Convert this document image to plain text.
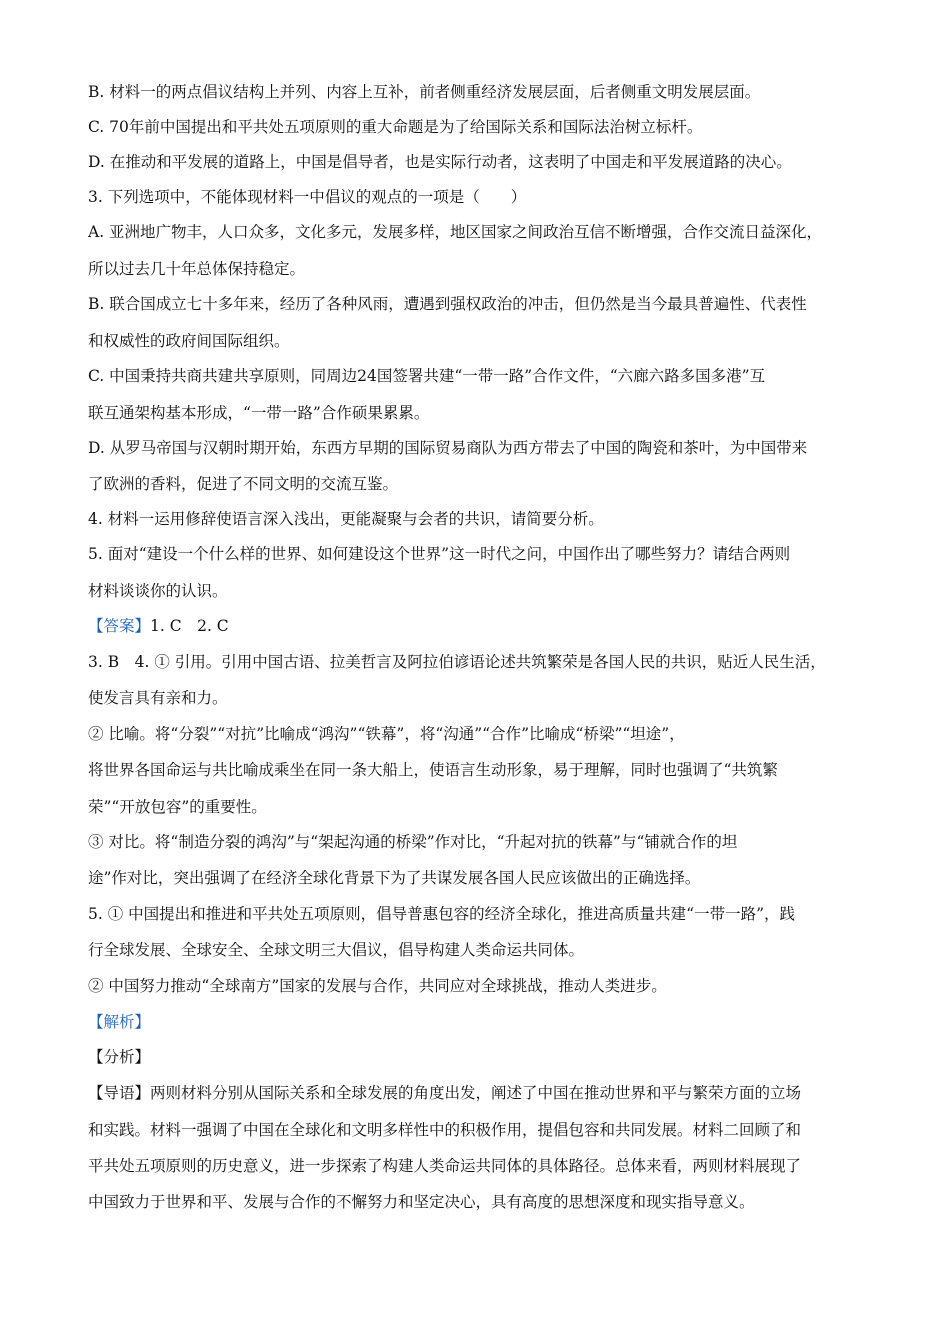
B. 材料一的两点倡议结构上并列、内容上互补，前者侧重经济发展层面，后者侧重文明发展层面。
C. 70年前中国提出和平共处五项原则的重大命题是为了给国际关系和国际法治树立标杆。
D. 在推动和平发展的道路上，中国是倡导者，也是实际行动者，这表明了中国走和平发展道路的决心。
3. 下列选项中，不能体现材料一中倡议的观点的一项是（　　）
A. 亚洲地广物丰，人口众多，文化多元，发展多样，地区国家之间政治互信不断增强，合作交流日益深化，
所以过去几十年总体保持稳定。
B. 联合国成立七十多年来，经历了各种风雨，遭遇到强权政治的冲击，但仍然是当今最具普遍性、代表性
和权威性的政府间国际组织。
C. 中国秉持共商共建共享原则，同周边24国签署共建“一带一路”合作文件，“六廊六路多国多港”互
联互通架构基本形成，“一带一路”合作硕果累累。
D. 从罗马帝国与汉朝时期开始，东西方早期的国际贸易商队为西方带去了中国的陶瓷和茶叶，为中国带来
了欧洲的香料，促进了不同文明的交流互鉴。
4. 材料一运用修辞使语言深入浅出，更能凝聚与会者的共识，请简要分析。
5. 面对“建设一个什么样的世界、如何建设这个世界”这一时代之问，中国作出了哪些努力？请结合两则
材料谈谈你的认识。
【答案】1. C　2. C
3. B　4. ① 引用。引用中国古语、拉美哲言及阿拉伯谚语论述共筑繁荣是各国人民的共识，贴近人民生活，
使发言具有亲和力。
② 比喻。将“分裂”“对抗”比喻成“鸿沟”“铁幕”，将“沟通”“合作”比喻成“桥梁”“坦途”，
将世界各国命运与共比喻成乘坐在同一条大船上，使语言生动形象，易于理解，同时也强调了“共筑繁
荣”“开放包容”的重要性。
③ 对比。将“制造分裂的鸿沟”与“架起沟通的桥梁”作对比，“升起对抗的铁幕”与“铺就合作的坦
途”作对比，突出强调了在经济全球化背景下为了共谋发展各国人民应该做出的正确选择。
5. ① 中国提出和推进和平共处五项原则，倡导普惠包容的经济全球化，推进高质量共建“一带一路”，践
行全球发展、全球安全、全球文明三大倡议，倡导构建人类命运共同体。
② 中国努力推动“全球南方”国家的发展与合作，共同应对全球挑战，推动人类进步。
【解析】
【分析】
【导语】两则材料分别从国际关系和全球发展的角度出发，阐述了中国在推动世界和平与繁荣方面的立场
和实践。材料一强调了中国在全球化和文明多样性中的积极作用，提倡包容和共同发展。材料二回顾了和
平共处五项原则的历史意义，进一步探索了构建人类命运共同体的具体路径。总体来看，两则材料展现了
中国致力于世界和平、发展与合作的不懈努力和坚定决心，具有高度的思想深度和现实指导意义。
